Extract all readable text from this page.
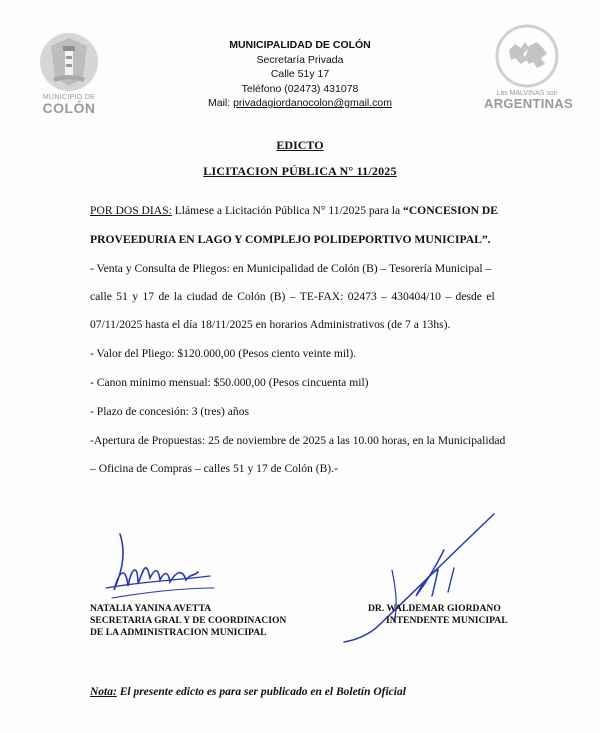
MUNICIPIO DE
COLÓN
MUNICIPALIDAD DE COLÓN
Secretaría Privada
Calle 51y 17
Teléfono (02473) 431078
Mail: privadagiordanocolon@gmail.com
Las MALVINAS son
ARGENTINAS
EDICTO
LICITACION PÚBLICA N° 11/2025
POR DOS DIAS: Llámese a Licitación Pública N° 11/2025 para la “CONCESION DE
PROVEEDURIA EN LAGO Y COMPLEJO POLIDEPORTIVO MUNICIPAL”.
- Venta y Consulta de Pliegos: en Municipalidad de Colón (B) – Tesorería Municipal –
calle 51 y 17 de la ciudad de Colón (B) – TE-FAX: 02473 – 430404/10 – desde el
07/11/2025 hasta el día 18/11/2025 en horarios Administrativos (de 7 a 13hs).
- Valor del Pliego: $120.000,00 (Pesos ciento veinte mil).
- Canon mínimo mensual: $50.000,00 (Pesos cincuenta mil)
- Plazo de concesión: 3 (tres) años
-Apertura de Propuestas: 25 de noviembre de 2025 a las 10.00 horas, en la Municipalidad
– Oficina de Compras – calles 51 y 17 de Colón (B).-
NATALIA YANINA AVETTA
SECRETARIA GRAL Y DE COORDINACION
DE LA ADMINISTRACION MUNICIPAL
DR. WALDEMAR GIORDANO
INTENDENTE MUNICIPAL
Nota: El presente edicto es para ser publicado en el Boletín Oficial
